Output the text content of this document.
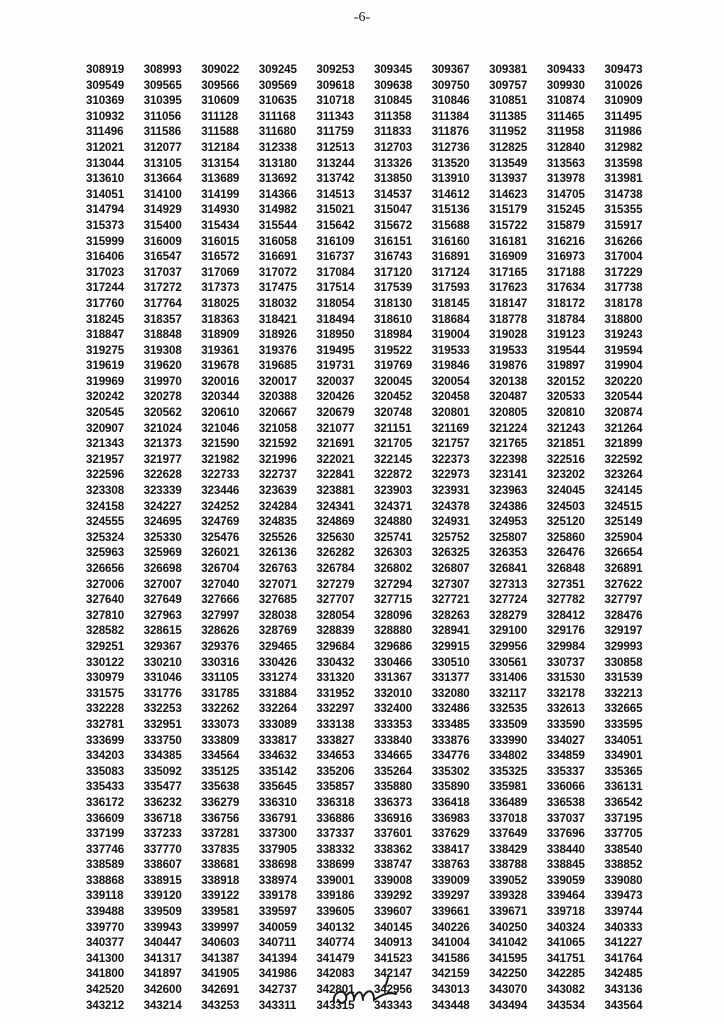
-6-
308919	308993	309022	309245	309253	309345	309367	309381	309433	309473
309549	309565	309566	309569	309618	309638	309750	309757	309930	310026
310369	310395	310609	310635	310718	310845	310846	310851	310874	310909
310932	311056	311128	311168	311343	311358	311384	311385	311465	311495
311496	311586	311588	311680	311759	311833	311876	311952	311958	311986
312021	312077	312184	312338	312513	312703	312736	312825	312840	312982
313044	313105	313154	313180	313244	313326	313520	313549	313563	313598
313610	313664	313689	313692	313742	313850	313910	313937	313978	313981
314051	314100	314199	314366	314513	314537	314612	314623	314705	314738
314794	314929	314930	314982	315021	315047	315136	315179	315245	315355
315373	315400	315434	315544	315642	315672	315688	315722	315879	315917
315999	316009	316015	316058	316109	316151	316160	316181	316216	316266
316406	316547	316572	316691	316737	316743	316891	316909	316973	317004
317023	317037	317069	317072	317084	317120	317124	317165	317188	317229
317244	317272	317373	317475	317514	317539	317593	317623	317634	317738
317760	317764	318025	318032	318054	318130	318145	318147	318172	318178
318245	318357	318363	318421	318494	318610	318684	318778	318784	318800
318847	318848	318909	318926	318950	318984	319004	319028	319123	319243
319275	319308	319361	319376	319495	319522	319533	319533	319544	319594
319619	319620	319678	319685	319731	319769	319846	319876	319897	319904
319969	319970	320016	320017	320037	320045	320054	320138	320152	320220
320242	320278	320344	320388	320426	320452	320458	320487	320533	320544
320545	320562	320610	320667	320679	320748	320801	320805	320810	320874
320907	321024	321046	321058	321077	321151	321169	321224	321243	321264
321343	321373	321590	321592	321691	321705	321757	321765	321851	321899
321957	321977	321982	321996	322021	322145	322373	322398	322516	322592
322596	322628	322733	322737	322841	322872	322973	323141	323202	323264
323308	323339	323446	323639	323881	323903	323931	323963	324045	324145
324158	324227	324252	324284	324341	324371	324378	324386	324503	324515
324555	324695	324769	324835	324869	324880	324931	324953	325120	325149
325324	325330	325476	325526	325630	325741	325752	325807	325860	325904
325963	325969	326021	326136	326282	326303	326325	326353	326476	326654
326656	326698	326704	326763	326784	326802	326807	326841	326848	326891
327006	327007	327040	327071	327279	327294	327307	327313	327351	327622
327640	327649	327666	327685	327707	327715	327721	327724	327782	327797
327810	327963	327997	328038	328054	328096	328263	328279	328412	328476
328582	328615	328626	328769	328839	328880	328941	329100	329176	329197
329251	329367	329376	329465	329684	329686	329915	329956	329984	329993
330122	330210	330316	330426	330432	330466	330510	330561	330737	330858
330979	331046	331105	331274	331320	331367	331377	331406	331530	331539
331575	331776	331785	331884	331952	332010	332080	332117	332178	332213
332228	332253	332262	332264	332297	332400	332486	332535	332613	332665
332781	332951	333073	333089	333138	333353	333485	333509	333590	333595
333699	333750	333809	333817	333827	333840	333876	333990	334027	334051
334203	334385	334564	334632	334653	334665	334776	334802	334859	334901
335083	335092	335125	335142	335206	335264	335302	335325	335337	335365
335433	335477	335638	335645	335857	335880	335890	335981	336066	336131
336172	336232	336279	336310	336318	336373	336418	336489	336538	336542
336609	336718	336756	336791	336886	336916	336983	337018	337037	337195
337199	337233	337281	337300	337337	337601	337629	337649	337696	337705
337746	337770	337835	337905	338332	338362	338417	338429	338440	338540
338589	338607	338681	338698	338699	338747	338763	338788	338845	338852
338868	338915	338918	338974	339001	339008	339009	339052	339059	339080
339118	339120	339122	339178	339186	339292	339297	339328	339464	339473
339488	339509	339581	339597	339605	339607	339661	339671	339718	339744
339770	339943	339997	340059	340132	340145	340226	340250	340324	340333
340377	340447	340603	340711	340774	340913	341004	341042	341065	341227
341300	341317	341387	341394	341479	341523	341586	341595	341751	341764
341800	341897	341905	341986	342083	342147	342159	342250	342285	342485
342520	342600	342691	342737	342801	342956	343013	343070	343082	343136
343212	343214	343253	343311	343315	343343	343448	343494	343534	343564
